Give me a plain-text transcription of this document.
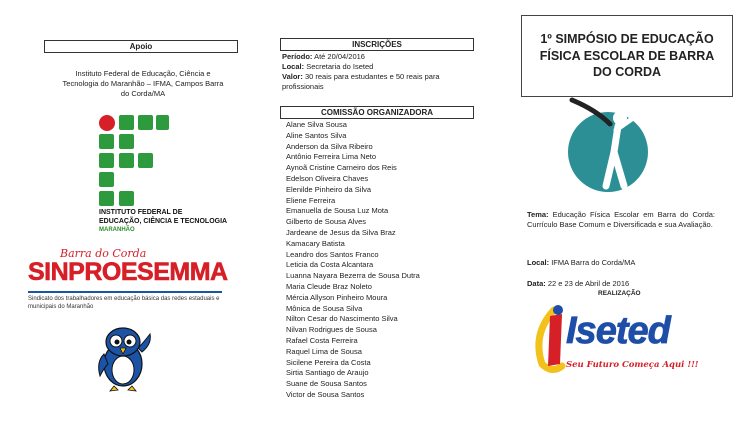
Apoio
Instituto Federal de Educação, Ciência e Tecnologia do Maranhão – IFMA, Campos Barra do Corda/MA
INSTITUTO FEDERAL DE
EDUCAÇÃO, CIÊNCIA E TECNOLOGIA
MARANHÃO
Barra do Corda
SINPROESEMMA
Sindicato dos trabalhadores em educação básica das redes estaduais e municipais do Maranhão
INSCRIÇÕES
Período: Até 20/04/2016
Local: Secretaria do Iseted
Valor: 30 reais para estudantes e 50 reais para profissionais
COMISSÃO ORGANIZADORA
Alane Silva Sousa
Aline Santos Silva
Anderson da Silva Ribeiro
Antônio Ferreira Lima Neto
Aynoã Cristine Carneiro dos Reis
Edelson Oliveira Chaves
Elenilde Pinheiro da Silva
Eliene Ferreira
Emanuella de Sousa Luz Mota
Gilberto de Sousa Alves
Jardeane de Jesus da Silva Braz
Kamacary Batista
Leandro dos Santos Franco
Leticia da Costa Alcantara
Luanna Nayara Bezerra de Sousa Dutra
Maria Cleude Braz Noleto
Mércia Allyson Pinheiro Moura
Mônica de Sousa Silva
Nilton Cesar do Nascimento Silva
Nilvan Rodrigues de Sousa
Rafael Costa Ferreira
Raquel Lima de Sousa
Sicilene Pereira da Costa
Sirtia Santiago de Araujo
Suane de Sousa Santos
Victor de Sousa Santos
1º SIMPÓSIO DE EDUCAÇÃO FÍSICA ESCOLAR DE BARRA DO CORDA
Tema: Educação Física Escolar em Barra do Corda: Currículo Base Comum e Diversificada e sua Avaliação.
Local: IFMA Barra do Corda/MA
Data: 22 e 23 de Abril de 2016
REALIZAÇÃO
Iseted
Seu Futuro Começa Aqui !!!
